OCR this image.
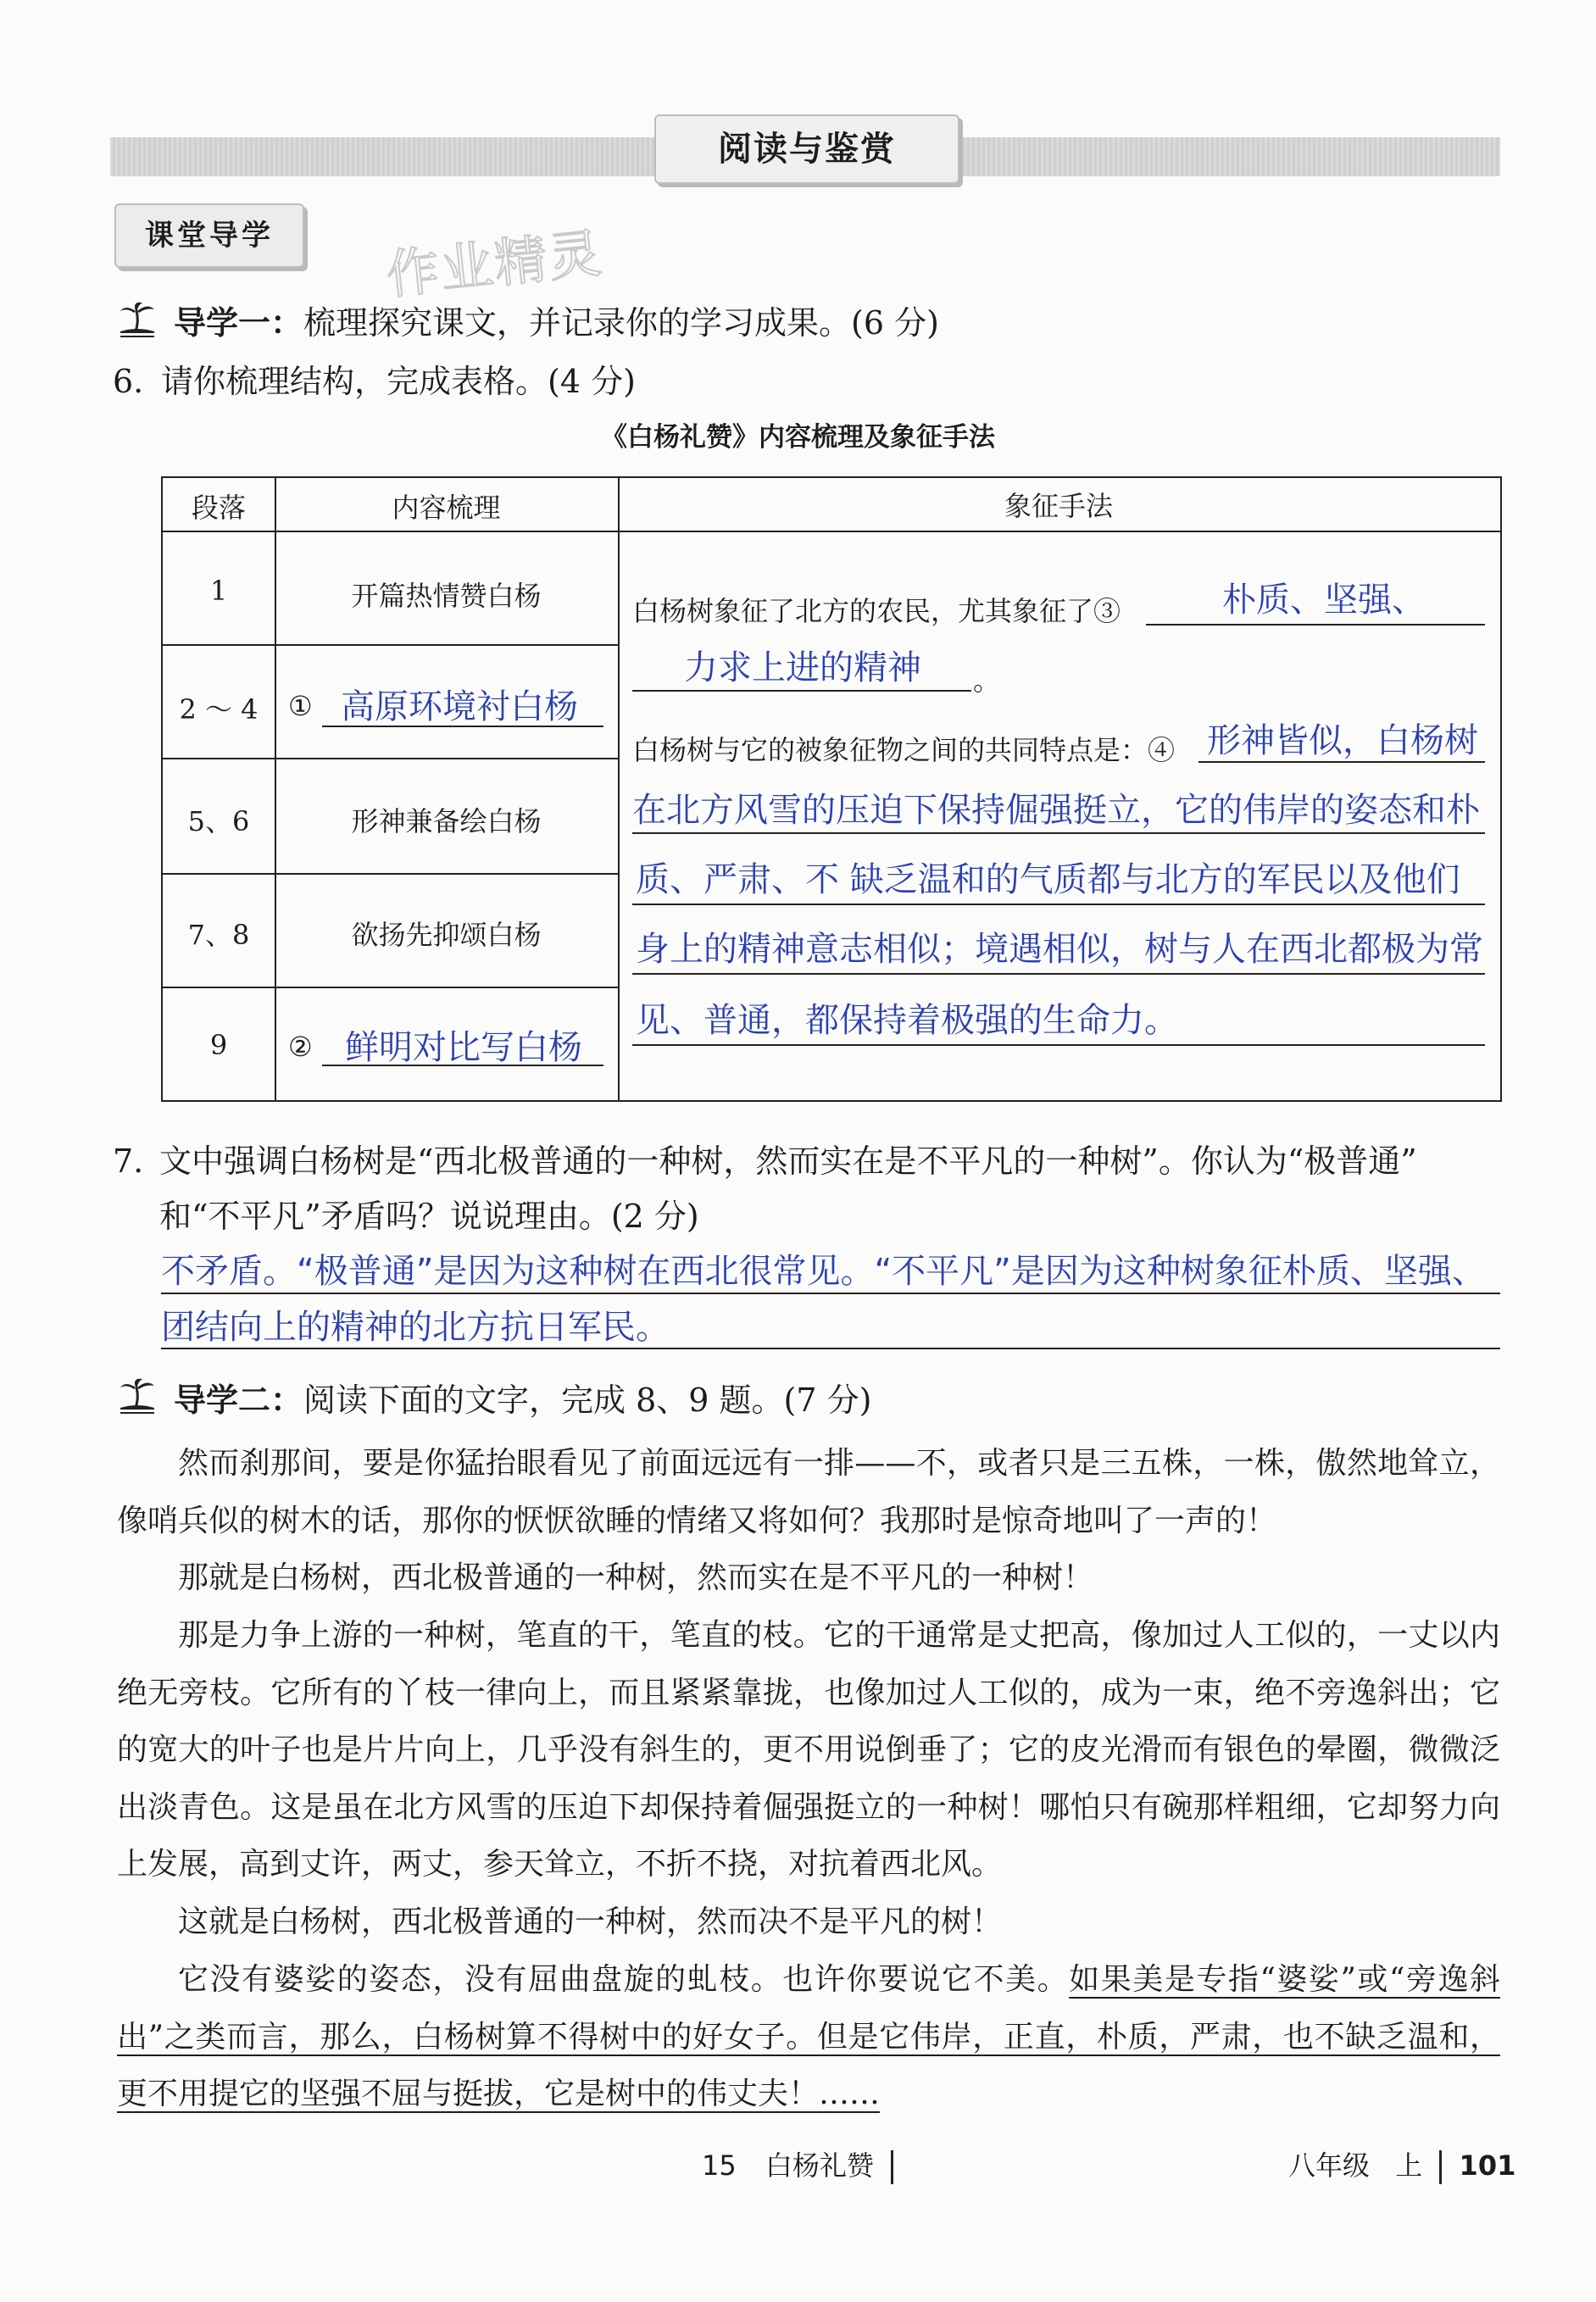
阅读与鉴赏
课堂导学	作业精灵
导学一： 梳理探究课文，并记录你的学习成果。(6 分)
6. 请你梳理结构，完成表格。(4 分)
《白杨礼赞》内容梳理及象征手法
段落	内容梳理	象征手法
1	开篇热情赞白杨
2 ～ 4	① 高原环境衬白杨
5、6	形神兼备绘白杨
7、8	欲扬先抑颂白杨
9	② 鲜明对比写白杨
白杨树象征了北方的农民，尤其象征了③	朴质、坚强、
力求上进的精神 。
白杨树与它的被象征物之间的共同特点是：④ 形神皆似，白杨树
在北方风雪的压迫下保持倔强挺立，它的伟岸的姿态和朴
质、严肃、不 缺乏温和的气质都与北方的军民以及他们
身上的精神意志相似；境遇相似，树与人在西北都极为常
见、普通，都保持着极强的生命力。
7. 文中强调白杨树是“西北极普通的一种树，然而实在是不平凡的一种树”。你认为“极普通”
和“不平凡”矛盾吗？说说理由。(2 分)
不矛盾。“极普通”是因为这种树在西北很常见。“不平凡”是因为这种树象征朴质、坚强、
团结向上的精神的北方抗日军民。
导学二： 阅读下面的文字，完成 8、9 题。(7 分)
然而刹那间，要是你猛抬眼看见了前面远远有一排——不，或者只是三五株，一株，傲然地耸立，像哨兵似的树木的话，那你的恹恹欲睡的情绪又将如何？我那时是惊奇地叫了一声的！
那就是白杨树，西北极普通的一种树，然而实在是不平凡的一种树！
那是力争上游的一种树，笔直的干，笔直的枝。它的干通常是丈把高，像加过人工似的，一丈以内绝无旁枝。它所有的丫枝一律向上，而且紧紧靠拢，也像加过人工似的，成为一束，绝不旁逸斜出；它的宽大的叶子也是片片向上，几乎没有斜生的，更不用说倒垂了；它的皮光滑而有银色的晕圈，微微泛出淡青色。这是虽在北方风雪的压迫下却保持着倔强挺立的一种树！哪怕只有碗那样粗细，它却努力向上发展，高到丈许，两丈，参天耸立，不折不挠，对抗着西北风。
这就是白杨树，西北极普通的一种树，然而决不是平凡的树！
它没有婆娑的姿态，没有屈曲盘旋的虬枝。也许你要说它不美。如果美是专指“婆娑”或“旁逸斜出”之类而言，那么，白杨树算不得树中的好女子。但是它伟岸，正直，朴质，严肃，也不缺乏温和，更不用提它的坚强不屈与挺拔，它是树中的伟丈夫！……
15 白杨礼赞	八年级 上 101
